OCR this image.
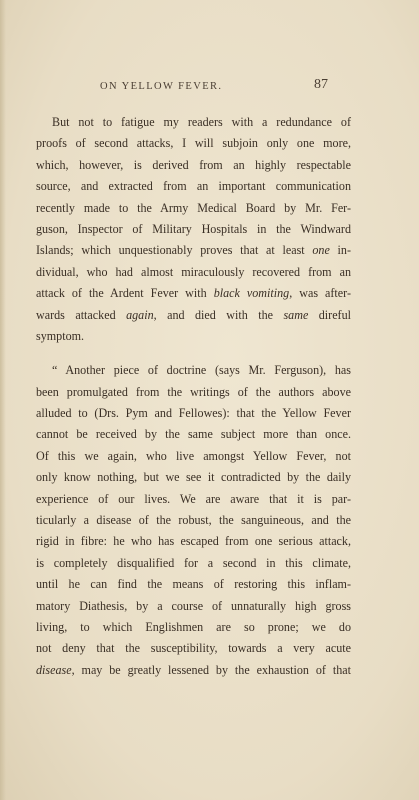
ON YELLOW FEVER.	87
But not to fatigue my readers with a redundance of
proofs of second attacks, I will subjoin only one more,
which, however, is derived from an highly respectable
source, and extracted from an important communication
recently made to the Army Medical Board by Mr. Fer-
guson, Inspector of Military Hospitals in the Windward
Islands; which unquestionably proves that at least one in-
dividual, who had almost miraculously recovered from an
attack of the Ardent Fever with black vomiting, was after-
wards attacked again, and died with the same direful
symptom.
“ Another piece of doctrine (says Mr. Ferguson), has
been promulgated from the writings of the authors above
alluded to (Drs. Pym and Fellowes): that the Yellow Fever
cannot be received by the same subject more than once.
Of this we again, who live amongst Yellow Fever, not
only know nothing, but we see it contradicted by the daily
experience of our lives. We are aware that it is par-
ticularly a disease of the robust, the sanguineous, and the
rigid in fibre: he who has escaped from one serious attack,
is completely disqualified for a second in this climate,
until he can find the means of restoring this inflam-
matory Diathesis, by a course of unnaturally high gross
living, to which Englishmen are so prone; we do
not deny that the susceptibility, towards a very acute
disease, may be greatly lessened by the exhaustion of that
